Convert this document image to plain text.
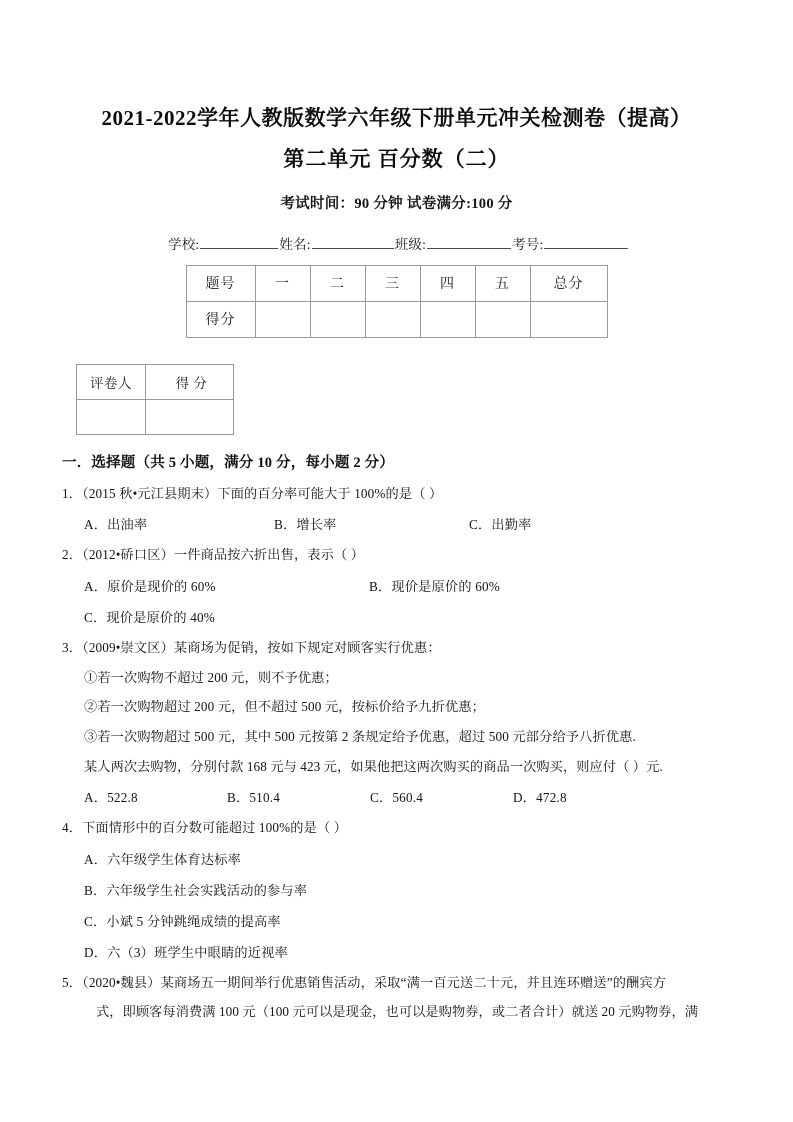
2021-2022学年人教版数学六年级下册单元冲关检测卷（提高）
第二单元 百分数（二）
考试时间：90 分钟 试卷满分:100 分
学校:	姓名:	班级:	考号:
题号	一	二	三	四	五	总分
得分						
评卷人	得 分

一．选择题（共 5 小题，满分 10 分，每小题 2 分）
1．（2015 秋•元江县期末）下面的百分率可能大于 100%的是（ ）
A．出油率	B．增长率	C．出勤率
2．（2012•硚口区）一件商品按六折出售，表示（ ）
A．原价是现价的 60%	B．现价是原价的 60%
C．现价是原价的 40%
3．（2009•崇文区）某商场为促销，按如下规定对顾客实行优惠：
①若一次购物不超过 200 元，则不予优惠；
②若一次购物超过 200 元，但不超过 500 元，按标价给予九折优惠；
③若一次购物超过 500 元，其中 500 元按第 2 条规定给予优惠，超过 500 元部分给予八折优惠.
某人两次去购物，分别付款 168 元与 423 元，如果他把这两次购买的商品一次购买，则应付（ ）元.
A．522.8	B．510.4	C．560.4	D．472.8
4．下面情形中的百分数可能超过 100%的是（ ）
A．六年级学生体育达标率
B．六年级学生社会实践活动的参与率
C．小斌 5 分钟跳绳成绩的提高率
D．六（3）班学生中眼睛的近视率
5．（2020•魏县）某商场五一期间举行优惠销售活动，采取“满一百元送二十元，并且连环赠送”的酬宾方
式，即顾客每消费满 100 元（100 元可以是现金，也可以是购物券，或二者合计）就送 20 元购物券，满
